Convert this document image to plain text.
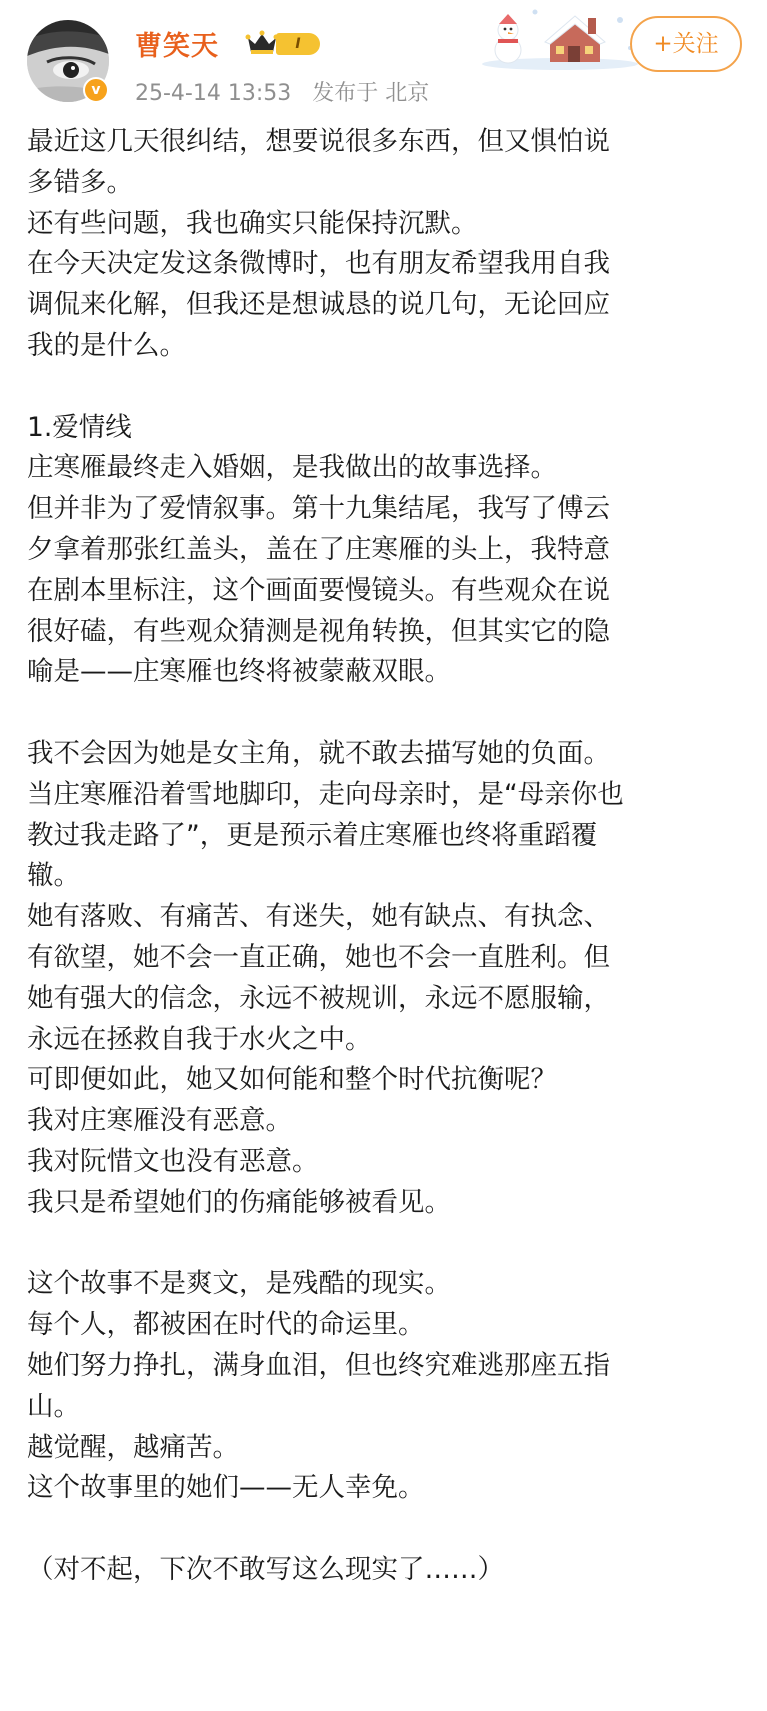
v
曹笑天	I
25-4-14 13:53 发布于 北京
+关注

最近这几天很纠结，想要说很多东西，但又惧怕说

多错多。

还有些问题，我也确实只能保持沉默。

在今天决定发这条微博时，也有朋友希望我用自我

调侃来化解，但我还是想诚恳的说几句，无论回应

我的是什么。

1.爱情线

庄寒雁最终走入婚姻，是我做出的故事选择。

但并非为了爱情叙事。第十九集结尾，我写了傅云

夕拿着那张红盖头，盖在了庄寒雁的头上，我特意

在剧本里标注，这个画面要慢镜头。有些观众在说

很好磕，有些观众猜测是视角转换，但其实它的隐

喻是——庄寒雁也终将被蒙蔽双眼。

我不会因为她是女主角，就不敢去描写她的负面。

当庄寒雁沿着雪地脚印，走向母亲时，是“母亲你也

教过我走路了”，更是预示着庄寒雁也终将重蹈覆

辙。

她有落败、有痛苦、有迷失，她有缺点、有执念、

有欲望，她不会一直正确，她也不会一直胜利。但

她有强大的信念，永远不被规训，永远不愿服输，

永远在拯救自我于水火之中。

可即便如此，她又如何能和整个时代抗衡呢？

我对庄寒雁没有恶意。

我对阮惜文也没有恶意。

我只是希望她们的伤痛能够被看见。

这个故事不是爽文，是残酷的现实。

每个人，都被困在时代的命运里。

她们努力挣扎，满身血泪，但也终究难逃那座五指

山。

越觉醒，越痛苦。

这个故事里的她们——无人幸免。

（对不起，下次不敢写这么现实了……）
